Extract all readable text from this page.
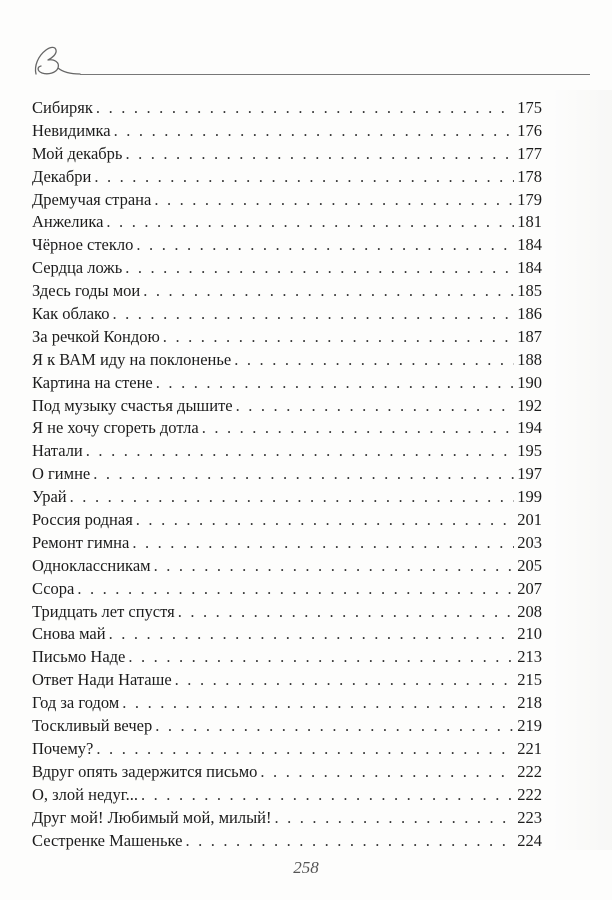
Сибиряк . . .	175
Невидимка . . .	176
Мой декабрь . . .	177
Декабри . . .	178
Дремучая страна . . .	179
Анжелика . . .	181
Чёрное стекло . . .	184
Сердца ложь . . .	184
Здесь годы мои . . .	185
Как облако . . .	186
За речкой Кондою . . .	187
Я к ВАМ иду на поклоненье . . .	188
Картина на стене . . .	190
Под музыку счастья дышите . . .	192
Я не хочу сгореть дотла . . .	194
Натали . . .	195
О гимне . . .	197
Урай . . .	199
Россия родная . . .	201
Ремонт гимна . . .	203
Одноклассникам . . .	205
Ссора . . .	207
Тридцать лет спустя . . .	208
Снова май . . .	210
Письмо Наде . . .	213
Ответ Нади Наташе . . .	215
Год за годом . . .	218
Тоскливый вечер . . .	219
Почему? . . .	221
Вдруг опять задержится письмо . . .	222
О, злой недуг... . . .	222
Друг мой! Любимый мой, милый! . . .	223
Сестренке Машеньке . . .	224
258
